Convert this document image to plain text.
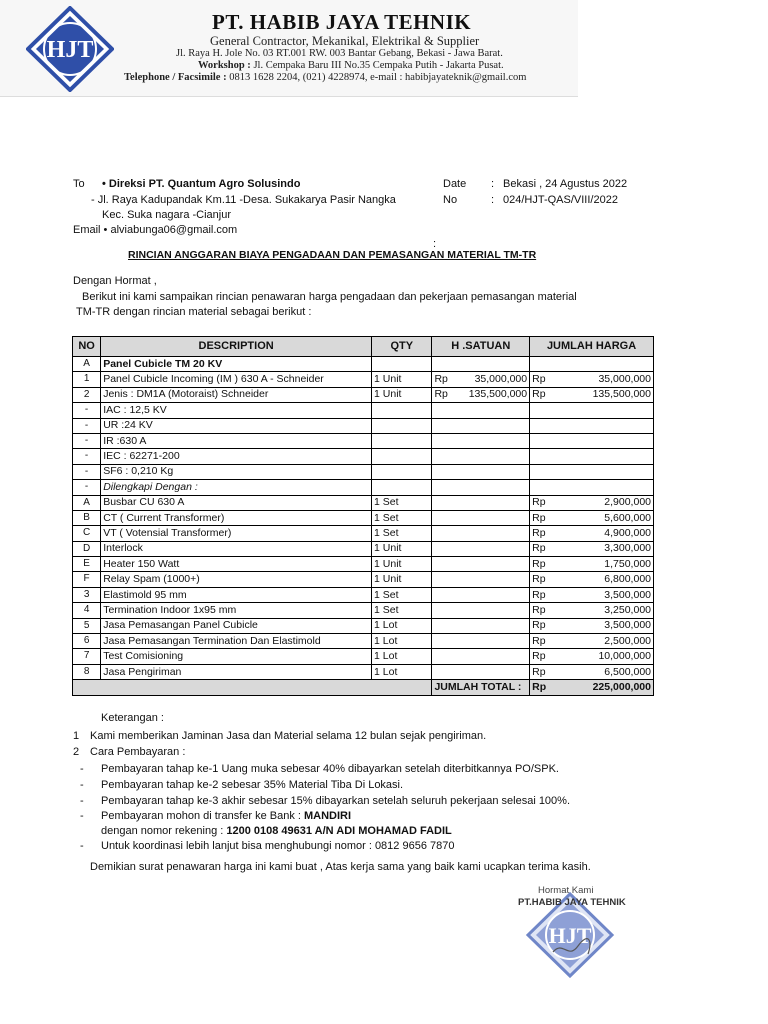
HJT
PT. HABIB JAYA TEHNIK
General Contractor, Mekanikal, Elektrikal & Supplier
Jl. Raya H. Jole No. 03 RT.001 RW. 003 Bantar Gebang, Bekasi - Jawa Barat.
Workshop : Jl. Cempaka Baru III No.35 Cempaka Putih - Jakarta Pusat.
Telephone / Facsimile : 0813 1628 2204, (021) 4228974, e-mail : habibjayateknik@gmail.com
To • Direksi PT. Quantum Agro Solusindo
- Jl. Raya Kadupandak Km.11 -Desa. Sukakarya Pasir Nangka
Kec. Suka nagara -Cianjur
Email • alviabunga06@gmail.com
Date : Bekasi , 24 Agustus 2022
No	: 024/HJT-QAS/VIII/2022
:
RINCIAN ANGGARAN BIAYA PENGADAAN DAN PEMASANGAN MATERIAL TM-TR
Dengan Hormat ,
Berikut ini kami sampaikan rincian penawaran harga pengadaan dan pekerjaan pemasangan material
TM-TR dengan rincian material sebagai berikut :
NO	DESCRIPTION	QTY	H .SATUAN	JUMLAH HARGA
A	Panel Cubicle TM 20 KV			
1	Panel Cubicle Incoming (IM ) 630 A - Schneider	1 Unit	Rp 35,000,000	Rp 35,000,000

2	Jenis : DM1A (Motoraist) Schneider	1 Unit	Rp 135,500,000	Rp 135,500,000

-	IAC : 12,5 KV			
-	UR :24 KV			
-	IR :630 A			
-	IEC : 62271-200			
-	SF6 : 0,210 Kg			
-	Dilengkapi Dengan :			
A	Busbar CU 630 A	1 Set		Rp 2,900,000

B	CT ( Current Transformer)	1 Set		Rp 5,600,000

C	VT ( Votensial Transformer)	1 Set		Rp 4,900,000

D	Interlock	1 Unit		Rp 3,300,000

E	Heater 150 Watt	1 Unit		Rp 1,750,000

F	Relay Spam (1000+)	1 Unit		Rp 6,800,000

3	Elastimold 95 mm	1 Set		Rp 3,500,000

4	Termination Indoor 1x95 mm	1 Set		Rp 3,250,000

5	Jasa Pemasangan Panel Cubicle	1 Lot		Rp 3,500,000

6	Jasa Pemasangan Termination Dan Elastimold	1 Lot		Rp 2,500,000

7	Test Comisioning	1 Lot		Rp 10,000,000

8	Jasa Pengiriman	1 Lot		Rp 6,500,000

			JUMLAH TOTAL :	Rp 225,000,000
Keterangan :
1 Kami memberikan Jaminan Jasa dan Material selama 12 bulan sejak pengiriman.
2 Cara Pembayaran :
- Pembayaran tahap ke-1 Uang muka sebesar 40% dibayarkan setelah diterbitkannya PO/SPK.
- Pembayaran tahap ke-2 sebesar 35% Material Tiba Di Lokasi.
- Pembayaran tahap ke-3 akhir sebesar 15% dibayarkan setelah seluruh pekerjaan selesai 100%.
- Pembayaran mohon di transfer ke Bank : MANDIRI
dengan nomor rekening : 1200 0108 49631 A/N ADI MOHAMAD FADIL
- Untuk koordinasi lebih lanjut bisa menghubungi nomor : 0812 9656 7870
Demikian surat penawaran harga ini kami buat , Atas kerja sama yang baik kami ucapkan terima kasih.
HJT
Hormat Kami
PT.HABIB JAYA TEHNIK
